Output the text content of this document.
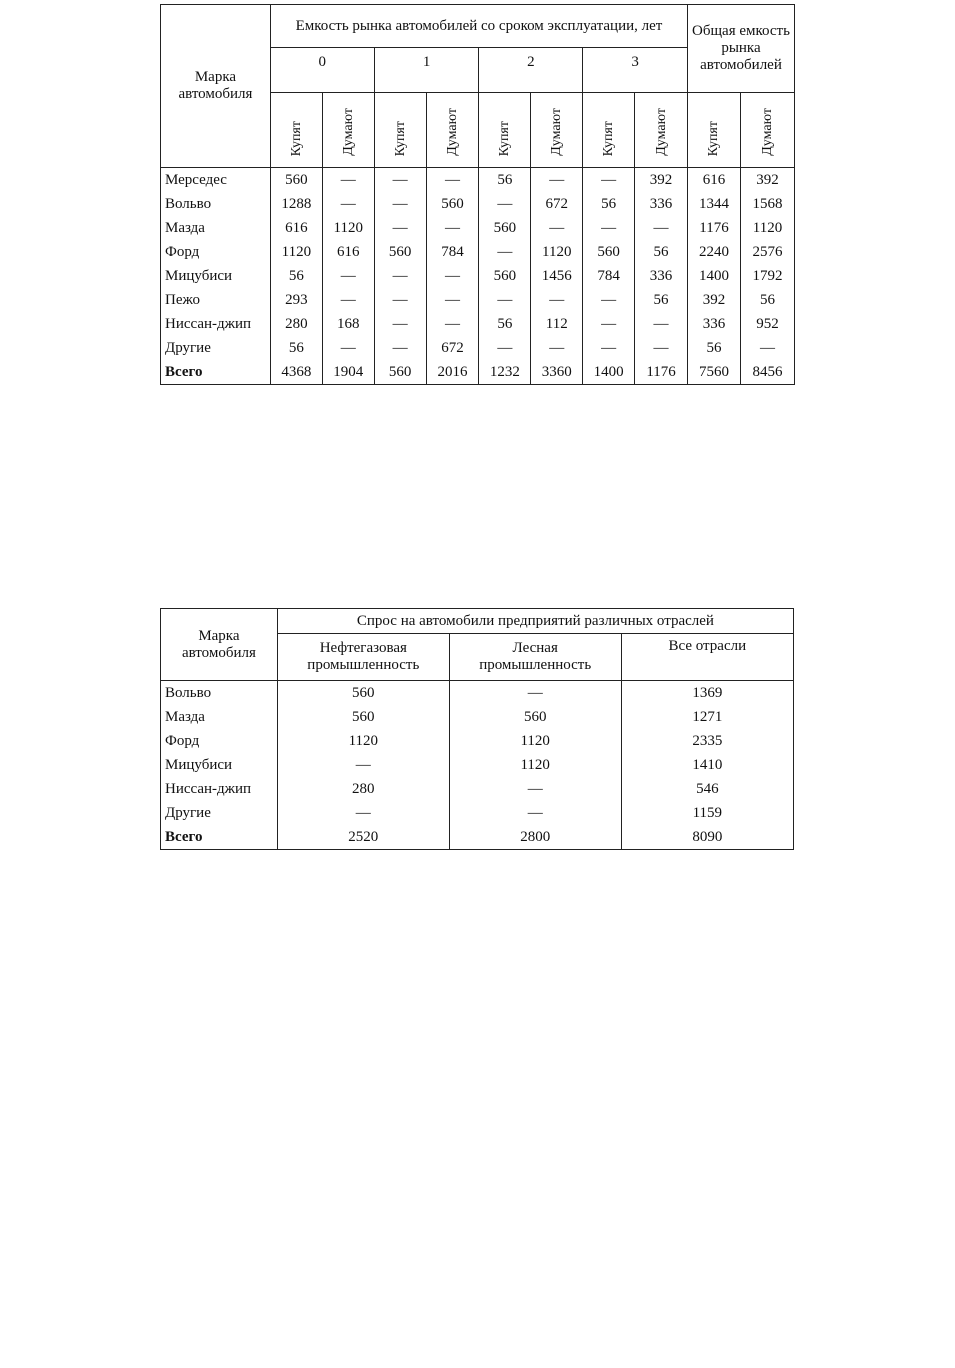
Марка автомобиля	Емкость рынка автомобилей со сроком эксплуатации, лет								Общая емкость рынка автомобилей	
	0		1		2		3			
	Купят	Думают	Купят	Думают	Купят	Думают	Купят	Думают	Купят	Думают
Мерседес	560	—	—	—	56	—	—	392	616	392
Вольво	1288	—	—	560	—	672	56	336	1344	1568
Мазда	616	1120	—	—	560	—	—	—	1176	1120
Форд	1120	616	560	784	—	1120	560	56	2240	2576
Мицубиси	56	—	—	—	560	1456	784	336	1400	1792
Пежо	293	—	—	—	—	—	—	56	392	56
Ниссан-джип	280	168	—	—	56	112	—	—	336	952
Другие	56	—	—	672	—	—	—	—	56	—
Всего	4368	1904	560	2016	1232	3360	1400	1176	7560	8456
Марка автомобиля	Спрос на автомобили предприятий различных отраслей		
	Нефтегазовая промышленность	Лесная промышленность	Все отрасли
Вольво	560	—	1369
Мазда	560	560	1271
Форд	1120	1120	2335
Мицубиси	—	1120	1410
Ниссан-джип	280	—	546
Другие	—	—	1159
Всего	2520	2800	8090
